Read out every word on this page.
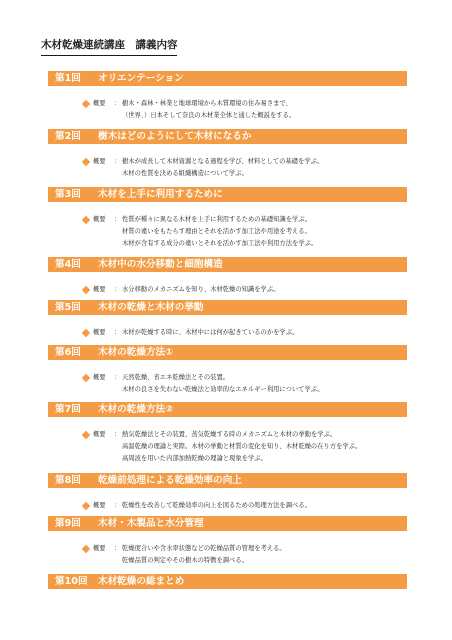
木材乾燥連続講座　講義内容
第1回 オリエンテーション
概要 ： 樹木・森林・林業と地球環境から木質環境の住み易さまで、
（世界、）日本そして奈良の木材業全体と通した概説をする。
第2回 樹木はどのようにして木材になるか
概要 ： 樹木が成長して木材資源となる過程を学び、材料としての基礎を学ぶ。
木材の性質を決める組織構造について学ぶ。
第3回 木材を上手に利用するために
概要 ： 性質が種々に異なる木材を上手に利用するための基礎知識を学ぶ。
材質の違いをもたらす理由とそれを活かす加工法や用途を考える。
木材が含有する成分の違いとそれを活かす加工法や利用方法を学ぶ。
第4回 木材中の水分移動と細胞構造
概要 ： 水分移動のメカニズムを知り、木材乾燥の知識を学ぶ。
第5回 木材の乾燥と木材の挙動
概要 ： 木材が乾燥する時に、木材中には何が起きているのかを学ぶ。
第6回 木材の乾燥方法①
概要 ： 天然乾燥、省エネ乾燥法とその装置。
木材の良さを失わない乾燥法と効率的なエネルギー利用について学ぶ。
第7回 木材の乾燥方法②
概要 ： 熱気乾燥法とその装置、蒸気乾燥する時のメカニズムと木材の挙動を学ぶ。
高温乾燥の理論と実際。木材の挙動と材質の変化を知り、木材乾燥の在り方を学ぶ。
高周波を用いた内部加熱乾燥の理論と現象を学ぶ。
第8回 乾燥前処理による乾燥効率の向上
概要 ： 乾燥性を改善して乾燥効率の向上を図るための処理方法を調べる。
第9回 木材・木製品と水分管理
概要 ： 乾燥度合いや含水率状態などの乾燥品質の管理を考える。
乾燥品質の判定やその樹木の特徴を調べる。
第10回 木材乾燥の総まとめ
